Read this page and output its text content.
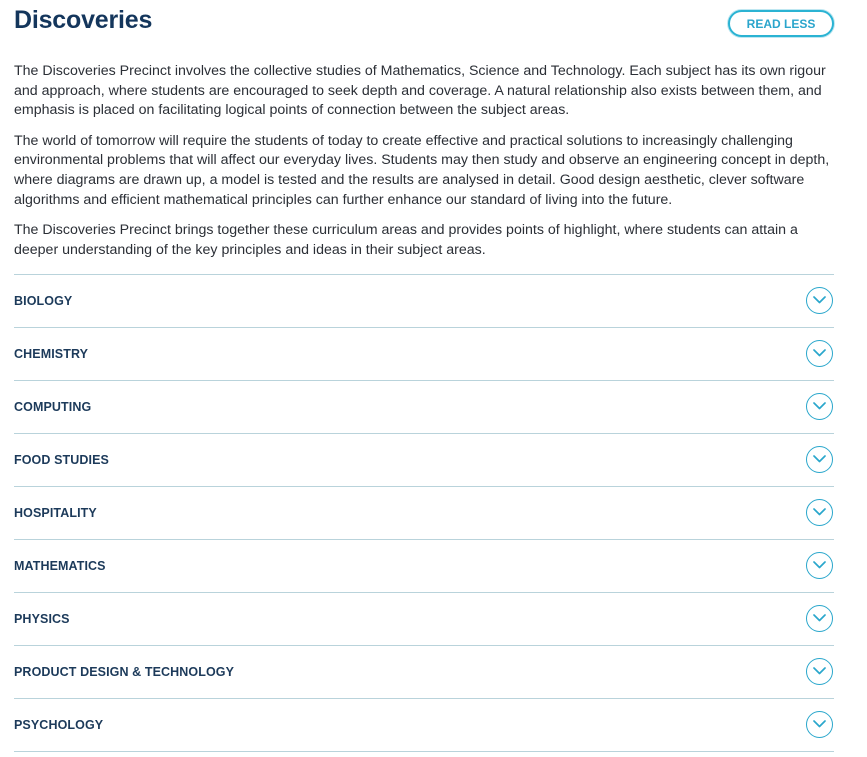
Discoveries	READ LESS

The Discoveries Precinct involves the collective studies of Mathematics, Science and Technology. Each subject has its own rigour and approach, where students are encouraged to seek depth and coverage. A natural relationship also exists between them, and emphasis is placed on facilitating logical points of connection between the subject areas.

The world of tomorrow will require the students of today to create effective and practical solutions to increasingly challenging environmental problems that will affect our everyday lives. Students may then study and observe an engineering concept in depth, where diagrams are drawn up, a model is tested and the results are analysed in detail. Good design aesthetic, clever software algorithms and efficient mathematical principles can further enhance our standard of living into the future.

The Discoveries Precinct brings together these curriculum areas and provides points of highlight, where students can attain a deeper understanding of the key principles and ideas in their subject areas.

BIOLOGY
CHEMISTRY
COMPUTING
FOOD STUDIES
HOSPITALITY
MATHEMATICS
PHYSICS
PRODUCT DESIGN & TECHNOLOGY
PSYCHOLOGY
